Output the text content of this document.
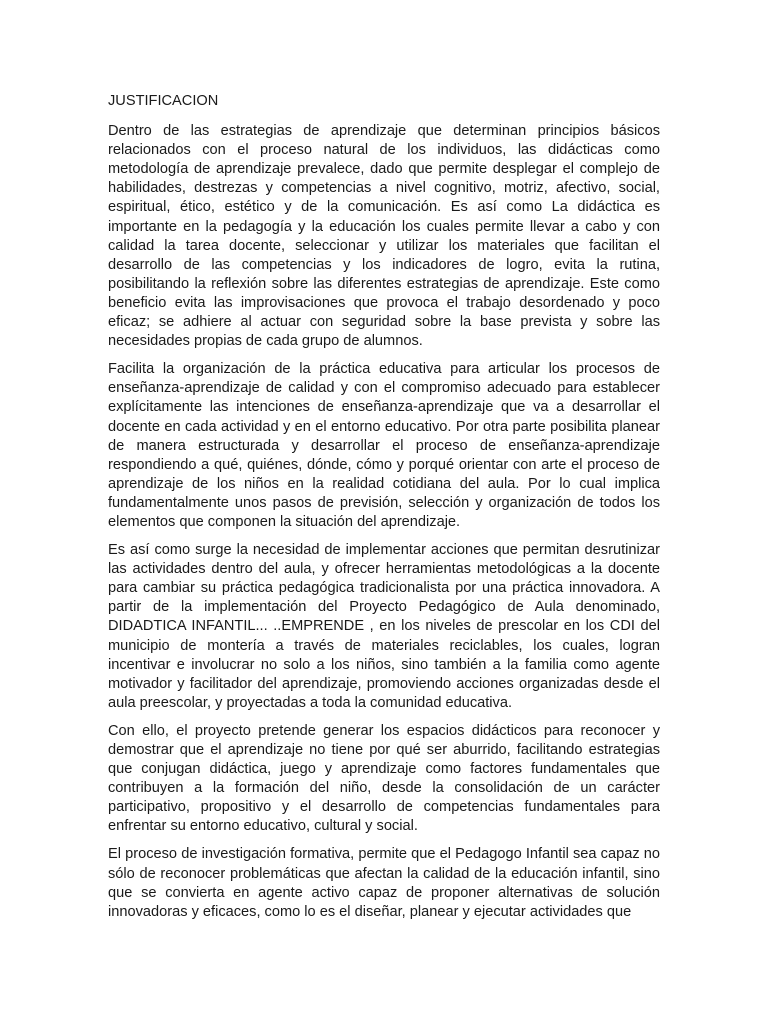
JUSTIFICACION

Dentro de las estrategias de aprendizaje que determinan principios básicos relacionados con el proceso natural de los individuos, las didácticas como metodología de aprendizaje prevalece, dado que permite desplegar el complejo de habilidades, destrezas y competencias a nivel cognitivo, motriz, afectivo, social, espiritual, ético, estético y de la comunicación. Es así como La didáctica es importante en la pedagogía y la educación los cuales permite llevar a cabo y con calidad la tarea docente, seleccionar y utilizar los materiales que facilitan el desarrollo de las competencias y los indicadores de logro, evita la rutina, posibilitando la reflexión sobre las diferentes estrategias de aprendizaje. Este como beneficio evita las improvisaciones que provoca el trabajo desordenado y poco eficaz; se adhiere al actuar con seguridad sobre la base prevista y sobre las necesidades propias de cada grupo de alumnos.

Facilita la organización de la práctica educativa para articular los procesos de enseñanza-aprendizaje de calidad y con el compromiso adecuado para establecer explícitamente las intenciones de enseñanza-aprendizaje que va a desarrollar el docente en cada actividad y en el entorno educativo. Por otra parte posibilita planear de manera estructurada y desarrollar el proceso de enseñanza-aprendizaje respondiendo a qué, quiénes, dónde, cómo y porqué orientar con arte el proceso de aprendizaje de los niños en la realidad cotidiana del aula. Por lo cual implica fundamentalmente unos pasos de previsión, selección y organización de todos los elementos que componen la situación del aprendizaje.

Es así como surge la necesidad de implementar acciones que permitan desrutinizar las actividades dentro del aula, y ofrecer herramientas metodológicas a la docente para cambiar su práctica pedagógica tradicionalista por una práctica innovadora. A partir de la implementación del Proyecto Pedagógico de Aula denominado, DIDADTICA INFANTIL... ..EMPRENDE , en los niveles de prescolar en los CDI del municipio de montería a través de materiales reciclables, los cuales, logran incentivar e involucrar no solo a los niños, sino también a la familia como agente motivador y facilitador del aprendizaje, promoviendo acciones organizadas desde el aula preescolar, y proyectadas a toda la comunidad educativa.

Con ello, el proyecto pretende generar los espacios didácticos para reconocer y demostrar que el aprendizaje no tiene por qué ser aburrido, facilitando estrategias que conjugan didáctica, juego y aprendizaje como factores fundamentales que contribuyen a la formación del niño, desde la consolidación de un carácter participativo, propositivo y el desarrollo de competencias fundamentales para enfrentar su entorno educativo, cultural y social.

El proceso de investigación formativa, permite que el Pedagogo Infantil sea capaz no sólo de reconocer problemáticas que afectan la calidad de la educación infantil, sino que se convierta en agente activo capaz de proponer alternativas de solución innovadoras y eficaces, como lo es el diseñar, planear y ejecutar actividades que
